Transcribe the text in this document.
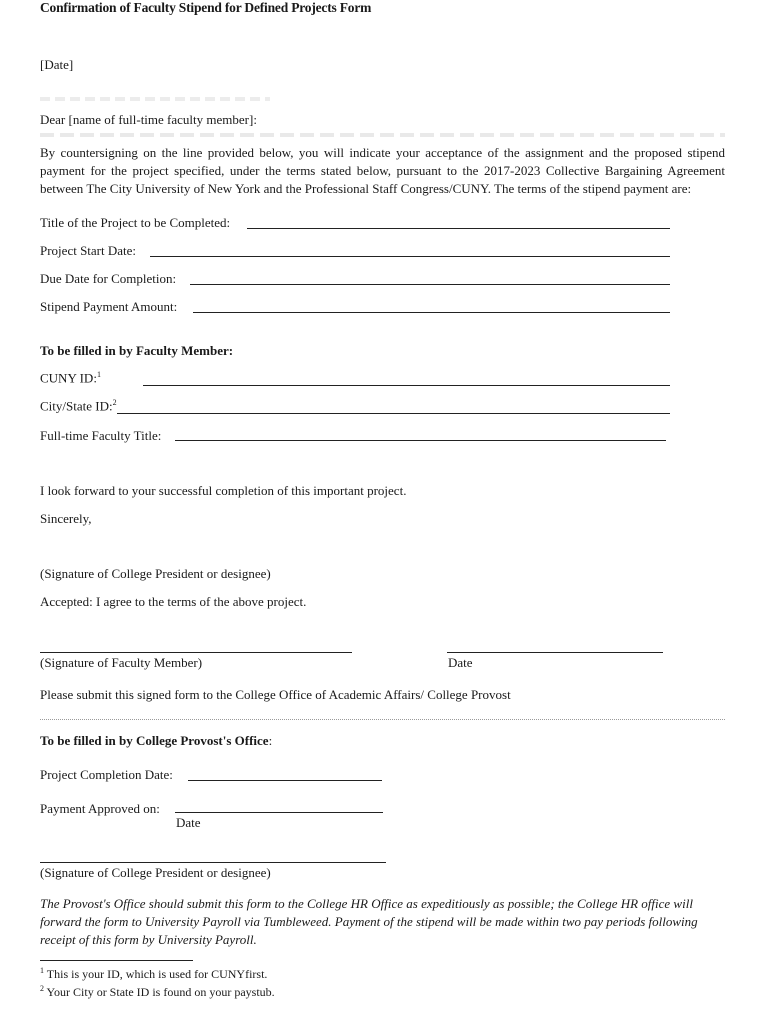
Confirmation of Faculty Stipend for Defined Projects Form
[Date]
Dear [name of full-time faculty member]:
By countersigning on the line provided below, you will indicate your acceptance of the assignment and the proposed stipend payment for the project specified, under the terms stated below, pursuant to the 2017-2023 Collective Bargaining Agreement between The City University of New York and the Professional Staff Congress/CUNY. The terms of the stipend payment are:
Title of the Project to be Completed:
Project Start Date:
Due Date for Completion:
Stipend Payment Amount:
To be filled in by Faculty Member:
CUNY ID:$^1$
City/State ID:$^2$
Full-time Faculty Title:
I look forward to your successful completion of this important project.
Sincerely,
(Signature of College President or designee)
Accepted: I agree to the terms of the above project.
(Signature of Faculty Member)	Date
Please submit this signed form to the College Office of Academic Affairs/ College Provost
To be filled in by College Provost's Office:
Project Completion Date:
Payment Approved on:
Date
(Signature of College President or designee)
The Provost's Office should submit this form to the College HR Office as expeditiously as possible; the College HR office will forward the form to University Payroll via Tumbleweed. Payment of the stipend will be made within two pay periods following receipt of this form by University Payroll.
$^1$ This is your ID, which is used for CUNYfirst.
$^2$ Your City or State ID is found on your paystub.
